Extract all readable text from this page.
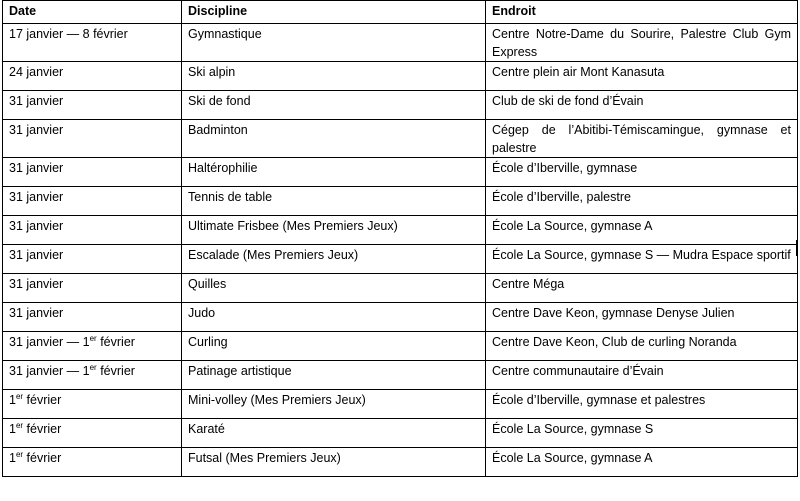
Date	Discipline	Endroit
17 janvier — 8 février	Gymnastique	Centre Notre-Dame du Sourire, Palestre Club Gym Express
24 janvier	Ski alpin	Centre plein air Mont Kanasuta
31 janvier	Ski de fond	Club de ski de fond d’Évain
31 janvier	Badminton	Cégep de l’Abitibi-Témiscamingue, gymnase et palestre
31 janvier	Haltérophilie	École d’Iberville, gymnase
31 janvier	Tennis de table	École d’Iberville, palestre
31 janvier	Ultimate Frisbee (Mes Premiers Jeux)	École La Source, gymnase A
31 janvier	Escalade (Mes Premiers Jeux)	École La Source, gymnase S — Mudra Espace sportif
31 janvier	Quilles	Centre Méga
31 janvier	Judo	Centre Dave Keon, gymnase Denyse Julien
31 janvier — 1er février	Curling	Centre Dave Keon, Club de curling Noranda
31 janvier — 1er février	Patinage artistique	Centre communautaire d’Évain
1er février	Mini-volley (Mes Premiers Jeux)	École d’Iberville, gymnase et palestres
1er février	Karaté	École La Source, gymnase S
1er février	Futsal (Mes Premiers Jeux)	École La Source, gymnase A
